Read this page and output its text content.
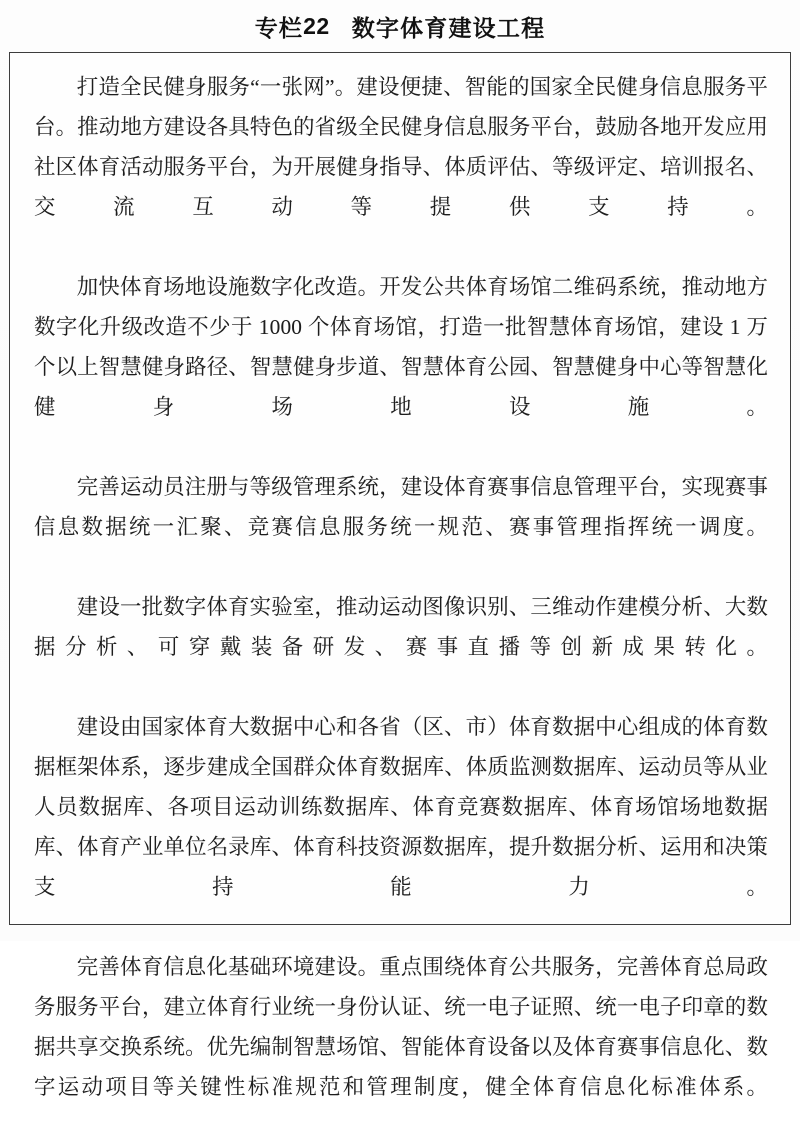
专栏 22 数字体育建设工程

打造全民健身服务“一张网”。建设便捷、智能的国家全民健身信息服务平台。推动地方建设各具特色的省级全民健身信息服务平台，鼓励各地开发应用社区体育活动服务平台，为开展健身指导、体质评估、等级评定、培训报名、交流互动等提供支持。

加快体育场地设施数字化改造。开发公共体育场馆二维码系统，推动地方数字化升级改造不少于 1000 个体育场馆，打造一批智慧体育场馆，建设 1 万个以上智慧健身路径、智慧健身步道、智慧体育公园、智慧健身中心等智慧化健身场地设施。

完善运动员注册与等级管理系统，建设体育赛事信息管理平台，实现赛事信息数据统一汇聚、竞赛信息服务统一规范、赛事管理指挥统一调度。

建设一批数字体育实验室，推动运动图像识别、三维动作建模分析、大数据分析、可穿戴装备研发、赛事直播等创新成果转化。

建设由国家体育大数据中心和各省（区、市）体育数据中心组成的体育数据框架体系，逐步建成全国群众体育数据库、体质监测数据库、运动员等从业人员数据库、各项目运动训练数据库、体育竞赛数据库、体育场馆场地数据库、体育产业单位名录库、体育科技资源数据库，提升数据分析、运用和决策支持能力。

完善体育信息化基础环境建设。重点围绕体育公共服务，完善体育总局政务服务平台，建立体育行业统一身份认证、统一电子证照、统一电子印章的数据共享交换系统。优先编制智慧场馆、智能体育设备以及体育赛事信息化、数字运动项目等关键性标准规范和管理制度，健全体育信息化标准体系。
